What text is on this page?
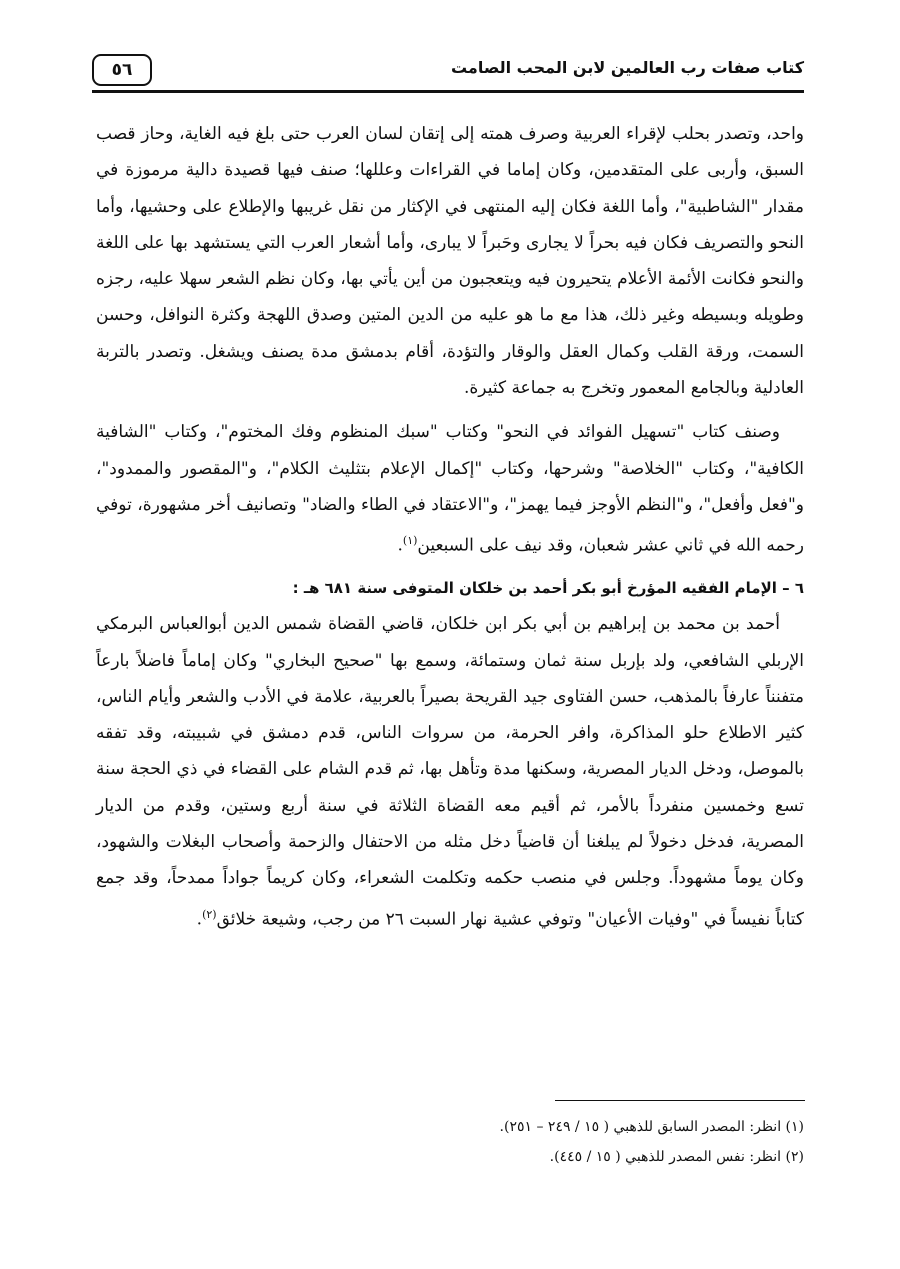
كتاب صفات رب العالمين لابن المحب الصامت
٥٦

واحد، وتصدر بحلب لإقراء العربية وصرف همته إلى إتقان لسان العرب حتى بلغ فيه الغاية، وحاز قصب السبق، وأربى على المتقدمين، وكان إماما في القراءات وعللها؛ صنف فيها قصيدة دالية مرموزة في مقدار "الشاطبية"، وأما اللغة فكان إليه المنتهى في الإكثار من نقل غريبها والإطلاع على وحشيها، وأما النحو والتصريف فكان فيه بحراً لا يجارى وحَبراً لا يبارى، وأما أشعار العرب التي يستشهد بها على اللغة والنحو فكانت الأئمة الأعلام يتحيرون فيه ويتعجبون من أين يأتي بها، وكان نظم الشعر سهلا عليه، رجزه وطويله وبسيطه وغير ذلك، هذا مع ما هو عليه من الدين المتين وصدق اللهجة وكثرة النوافل، وحسن السمت، ورقة القلب وكمال العقل والوقار والتؤدة، أقام بدمشق مدة يصنف ويشغل. وتصدر بالتربة العادلية وبالجامع المعمور وتخرج به جماعة كثيرة.

وصنف كتاب "تسهيل الفوائد في النحو" وكتاب "سبك المنظوم وفك المختوم"، وكتاب "الشافية الكافية"، وكتاب "الخلاصة" وشرحها، وكتاب "إكمال الإعلام بتثليث الكلام"، و"المقصور والممدود"، و"فعل وأفعل"، و"النظم الأوجز فيما يهمز"، و"الاعتقاد في الطاء والضاد" وتصانيف أخر مشهورة، توفي رحمه الله في ثاني عشر شعبان، وقد نيف على السبعين$^{(١)}$.

٦ – الإمام الفقيه المؤرخ أبو بكر أحمد بن خلكان المتوفى سنة ٦٨١ هـ :

أحمد بن محمد بن إبراهيم بن أبي بكر ابن خلكان، قاضي القضاة شمس الدين أبوالعباس البرمكي الإربلي الشافعي، ولد بإربل سنة ثمان وستمائة، وسمع بها "صحيح البخاري" وكان إماماً فاضلاً بارعاً متفنناً عارفاً بالمذهب، حسن الفتاوى جيد القريحة بصيراً بالعربية، علامة في الأدب والشعر وأيام الناس، كثير الاطلاع حلو المذاكرة، وافر الحرمة، من سروات الناس، قدم دمشق في شبيبته، وقد تفقه بالموصل، ودخل الديار المصرية، وسكنها مدة وتأهل بها، ثم قدم الشام على القضاء في ذي الحجة سنة تسع وخمسين منفرداً بالأمر، ثم أقيم معه القضاة الثلاثة في سنة أربع وستين، وقدم من الديار المصرية، فدخل دخولاً لم يبلغنا أن قاضياً دخل مثله من الاحتفال والزحمة وأصحاب البغلات والشهود، وكان يوماً مشهوداً. وجلس في منصب حكمه وتكلمت الشعراء، وكان كريماً جواداً ممدحاً، وقد جمع كتاباً نفيساً في "وفيات الأعيان" وتوفي عشية نهار السبت ٢٦ من رجب، وشيعة خلائق$^{(٢)}$.

(١) انظر: المصدر السابق للذهبي ( ١٥ / ٢٤٩ – ٢٥١).

(٢) انظر: نفس المصدر للذهبي ( ١٥ / ٤٤٥).
